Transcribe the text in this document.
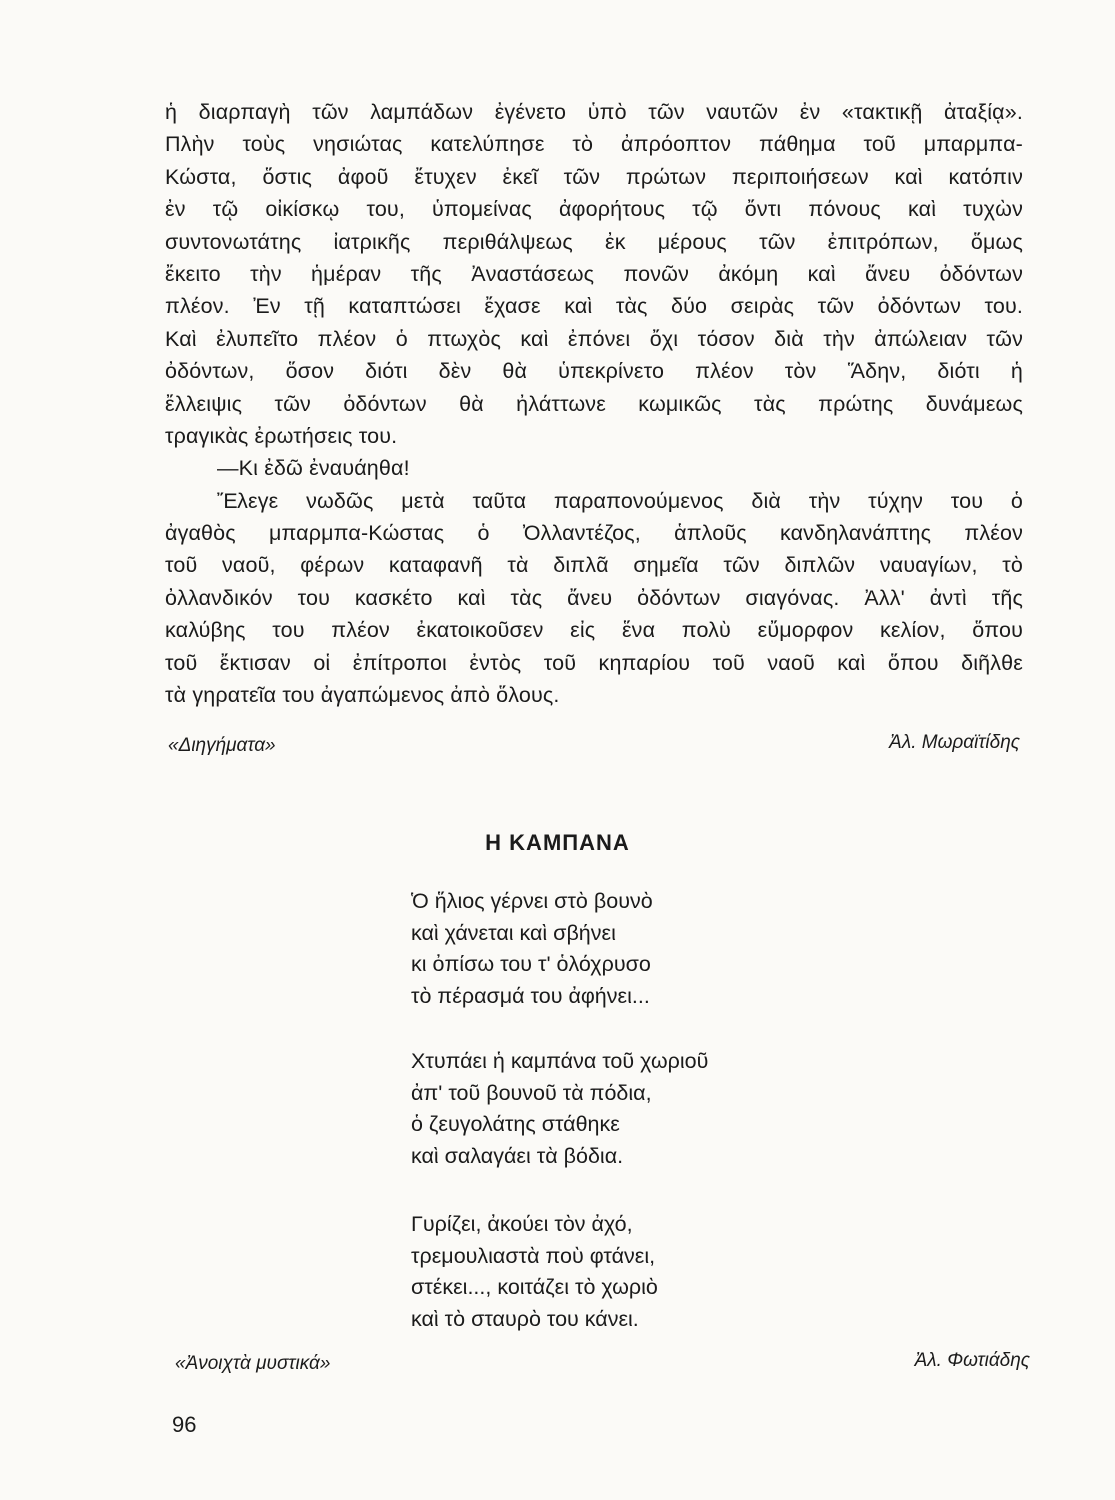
ἡ διαρπαγὴ τῶν λαμπάδων ἐγένετο ὑπὸ τῶν ναυτῶν ἐν «τακτικῇ ἀταξίᾳ».
Πλὴν τοὺς νησιώτας κατελύπησε τὸ ἀπρόοπτον πάθημα τοῦ μπαρμπα-
Κώστα, ὅστις ἀφοῦ ἔτυχεν ἐκεῖ τῶν πρώτων περιποιήσεων καὶ κατόπιν
ἐν τῷ οἰκίσκῳ του, ὑπομείνας ἀφορήτους τῷ ὄντι πόνους καὶ τυχὼν
συντονωτάτης ἰατρικῆς περιθάλψεως ἐκ μέρους τῶν ἐπιτρόπων, ὅμως
ἔκειτο τὴν ἡμέραν τῆς Ἀναστάσεως πονῶν ἀκόμη καὶ ἄνευ ὀδόντων
πλέον. Ἐν τῇ καταπτώσει ἔχασε καὶ τὰς δύο σειρὰς τῶν ὀδόντων του.
Καὶ ἐλυπεῖτο πλέον ὁ πτωχὸς καὶ ἐπόνει ὄχι τόσον διὰ τὴν ἀπώλειαν τῶν
ὀδόντων, ὅσον διότι δὲν θὰ ὑπεκρίνετο πλέον τὸν Ἅδην, διότι ἡ
ἔλλειψις τῶν ὀδόντων θὰ ἠλάττωνε κωμικῶς τὰς πρώτης δυνάμεως
τραγικὰς ἐρωτήσεις του.
—Κι ἐδῶ ἐναυάηθα!
Ἔλεγε νωδῶς μετὰ ταῦτα παραπονούμενος διὰ τὴν τύχην του ὁ
ἀγαθὸς μπαρμπα-Κώστας ὁ Ὀλλαντέζος, ἁπλοῦς κανδηλανάπτης πλέον
τοῦ ναοῦ, φέρων καταφανῆ τὰ διπλᾶ σημεῖα τῶν διπλῶν ναυαγίων, τὸ
ὀλλανδικόν του κασκέτο καὶ τὰς ἄνευ ὀδόντων σιαγόνας. Ἀλλ' ἀντὶ τῆς
καλύβης του πλέον ἐκατοικοῦσεν εἰς ἕνα πολὺ εὔμορφον κελίον, ὅπου
τοῦ ἔκτισαν οἱ ἐπίτροποι ἐντὸς τοῦ κηπαρίου τοῦ ναοῦ καὶ ὅπου διῆλθε
τὰ γηρατεῖα του ἀγαπώμενος ἀπὸ ὅλους.
«Διηγήματα»	Ἀλ. Μωραϊτίδης
Η ΚΑΜΠΑΝΑ
Ὁ ἥλιος γέρνει στὸ βουνὸ
καὶ χάνεται καὶ σβήνει
κι ὀπίσω του τ' ὁλόχρυσο
τὸ πέρασμά του ἀφήνει...
Χτυπάει ἡ καμπάνα τοῦ χωριοῦ
ἀπ' τοῦ βουνοῦ τὰ πόδια,
ὁ ζευγολάτης στάθηκε
καὶ σαλαγάει τὰ βόδια.
Γυρίζει, ἀκούει τὸν ἀχό,
τρεμουλιαστὰ ποὺ φτάνει,
στέκει..., κοιτάζει τὸ χωριὸ
καὶ τὸ σταυρὸ του κάνει.
«Ἀνοιχτὰ μυστικά»	Ἀλ. Φωτιάδης
96
